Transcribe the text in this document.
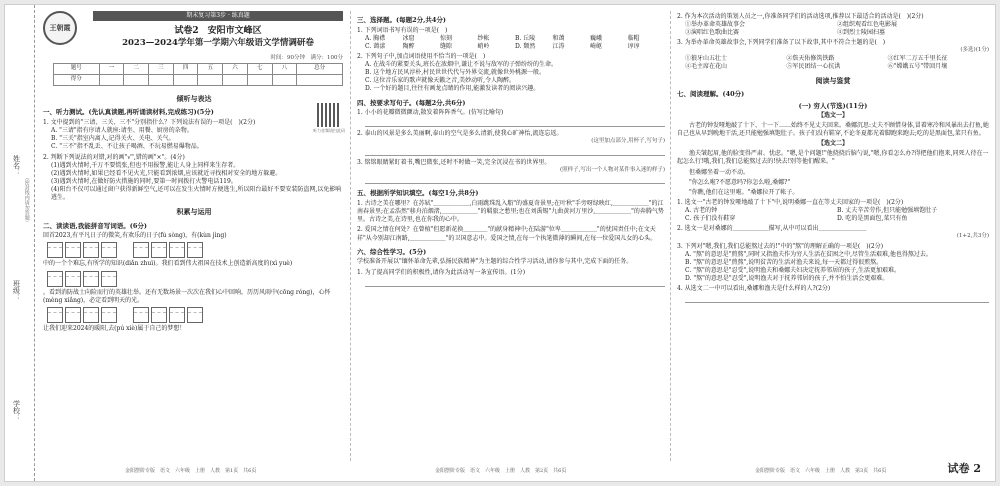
姓名：
（密封线内请勿答题）
班级：
学校：
王朝霞
期末复习第3步 · 练真题
试卷2　安阳市文峰区
2023—2024学年第一学期六年级语文学情调研卷
时间：90分钟　满分：100分
题号	一	二	三	四	五	六	七	八	总分
得分									
听力音频请扫此码
倾听与表达
一、听力测试。(先认真读题,再听诵读材料,完成练习)(5分)
1. 文中提到的"三请、三关、三不"分别指什么？下列说法有误的一项是(　)(2分)
A. "三请"指有序请人就座:请坐、用餐、厨房的杂物。
B. "三关"指室内离人,记得关火、关电、关气。
C. "三不"指不乱丢、不让孩子喝酒、不玩易燃易爆物品。
2. 判断下列说法的对错,对的画"√",错的画"×"。(4分)
(1)遇到火情时,千万不要慌张,但也不用报警,能让人身上同样来生存者。
(2)遇到火情时,如果已经看不见火光,只能看到浓烟,应该就近寻找相对安全的地方躲避。
(3)遇到火情时,在做好防火措施的同时,要第一时间拨打火警电话119。
(4)阳台不仅可以通过窗户获得新鲜空气,还可以在发生火情时方便逃生,所以阳台最好不要安装防盗网,以免影响逃生。
积累与运用
二、读读语,我能拼音写词语。(6分)
回首2023,有平凡日子的微笑,有欢乐的日子(fù sòng)，有(kùn jìng)
中的一个个难忘,有所学的知识(diǎn zhuì)。我们看到伟大祖国在技术上创造新高度的(xì yuè)
，看到消防战士向险而行的英雄壮举。还有无数场景一次次在我们心中回响，历历风雨中(cōng róng)，心怀(mèng xiǎng)，必定看到明天的光。
让我们迎来2024的暖阳,去(pú xiè)属于自己的梦想！
金阳摆阶专版　语文　六年级　上册　人教　第1页　共6页
三、选择题。(每题2分,共4分)
1. 下列词语书写有误的一项是(　)
A. 胸襟	冰窟	惊刻	纱帐	B. 丘陵	和蔼	巍峨	临帽
C. 蔼漾	陶醉	缝隙	峭岭	D. 颓然	江涛	崎岖	谆谆
2. 下列句子中,加点词语使用不恰当的一项是(　)
A. 在战斗的紧要关头,班长在浓烟中,谦让不说与敌军的子弹纷纷的生命。
B. 这个地方民风淳朴,村民世世代代与外界交流,就像世外桃源一般。
C. 这位音乐家的歌声就像天籁之音,美妙动听,令人陶醉。
D. 一个好的题目,往往有画龙点睛的作用,能激发读者的阅读兴趣。
四、按要求写句子。(每题2分,共6分)
1. 小小的花瓣微微颤动,散发着阵阵香气。(仿写比喻句)
2. 泰山的风景是多么美丽啊,泰山的空气是多么清新,使我心旷神怡,流连忘返。
(这里加点部分,用杯子,写句子)
3. 铭铭眼睛紧盯着书,嘴巴微张,还时不时做一笑,完全沉浸在书的世界里。
(照样子,写出一个人物对某件事入迷的样子)
五、根据所学知识填空。(每空1分,共8分)
1. 古诗之美在哪里？在苏轼"＿＿＿＿＿＿,白雨跳珠乱入船"的盛夏奇景里;在叶秋"手旁呀绿映红,＿＿＿＿＿＿"的江南春景里;在孟浩然"移舟泊烟渚,＿＿＿＿＿＿"的羁旅之愁里;也在刘禹锡"九曲黄河万里沙,＿＿＿＿＿＿"的奔腾气势里。古诗之美,在诗里,也在你我的心中。
2. 爱国之情在何处？在曾植"但愿新花换＿＿＿＿"的献身精神中;在陆游"位卑＿＿＿＿＿＿"的忧国责任中;在文天祥"从今别却江南路,＿＿＿＿＿＿"的卫国意志中。爱国之情,在每一个执笔微薄的瞬间,在每一位爱国儿女的心头。
六、综合性学习。(5分)
学校准备开展以"缅怀革命先辈,弘扬民族精神"为主题的综合性学习活动,请你参与其中,完成下面的任务。
1. 为了提高同学们的积极性,请你为此活动写一条宣传语。(1分)
金阳摆阶专版　语文　六年级　上册　人教　第2页　共6页
2. 作为本次活动的策划人员之一,你准备同学们的活动选项,推荐以下最适合的活动是(　)(2分)
①举办革命英雄故事会	②组织观看红色电影展
③演唱红色歌曲比赛	④到烈士陵园扫墓
3. 为举办革命英雄故事会,下列同学们准备了以下故事,其中不符合主题的是(　)
(多选)(1分)
①狼牙山五壮士	②詹天佑修筑铁路	③红军二万五千里长征
④毛主席在花山	⑤军民团结一心抗洪	⑥"嫦娥五号"带回月壤
阅读与鉴赏
七、阅读理解。(40分)
(一) 穷人(节选)(11分)
【选文一】
古老的钟发哑地敲了十下、十一下……始终不见丈夫回来。桑娜沉思:丈夫不顾惜身体,冒着寒冷和风暴出去打鱼,她自己也从早到晚地干活,还只能勉强填饱肚子。孩子们没有鞋穿,不论冬夏都光着脚跑来跑去;吃的是黑面包,菜只有鱼。
【选文二】
渔夫皱起眉,他的脸变得严肃、忧虑。"嗯,是个问题!"他挠挠后脑勺说,"嗯,你看怎么办?得把他们抱来,同死人待在一起怎么行!哦,我们,我们总能熬过去的!快去!别等他们醒来。"
但桑娜坐着一动不动。
"你怎么啦?不愿意吗?你怎么啦,桑娜?"
"你瞧,他们在这里啦。"桑娜拉开了帐子。
1. 选文一"古老的钟发哑地敲了十下"中,说明桑娜一直在等丈夫回家的一项是(　)(2分)
A. 古老的钟	B. 丈夫辛苦劳作,但只能勉强填饱肚子
C. 孩子们没有鞋穿	D. 吃的是黑面包,菜只有鱼
2. 选文一是对桑娜的＿＿＿＿＿＿描写,从中可以看出＿＿＿＿＿＿＿＿
(1+2,共3分)
3. 下列对"嗯,我们,我们总能熬过去的!"中的"熬"的理解正确的一项是(　)(2分)
A. "熬"的意思是"煎熬",同时又指渔夫作为穷人生活在贫困之中,尽管生活艰难,他也得熬过去。
B. "熬"的意思是"煎熬",说明贫苦的生活对渔夫来说,每一天都过得很煎熬。
C. "熬"的意思是"忍受",说明渔夫和桑娜夫妇决定抚养邻居的孩子,生活更加艰难。
D. "熬"的意思是"忍受",说明渔夫对于抚养邻居的孩子,并不怕生活会更艰难。
4. 从选文二一中可以看出,桑娜和渔夫是什么样的人?(2分)
金阳摆阶专版　语文　六年级　上册　人教　第3页　共6页	试卷 2
